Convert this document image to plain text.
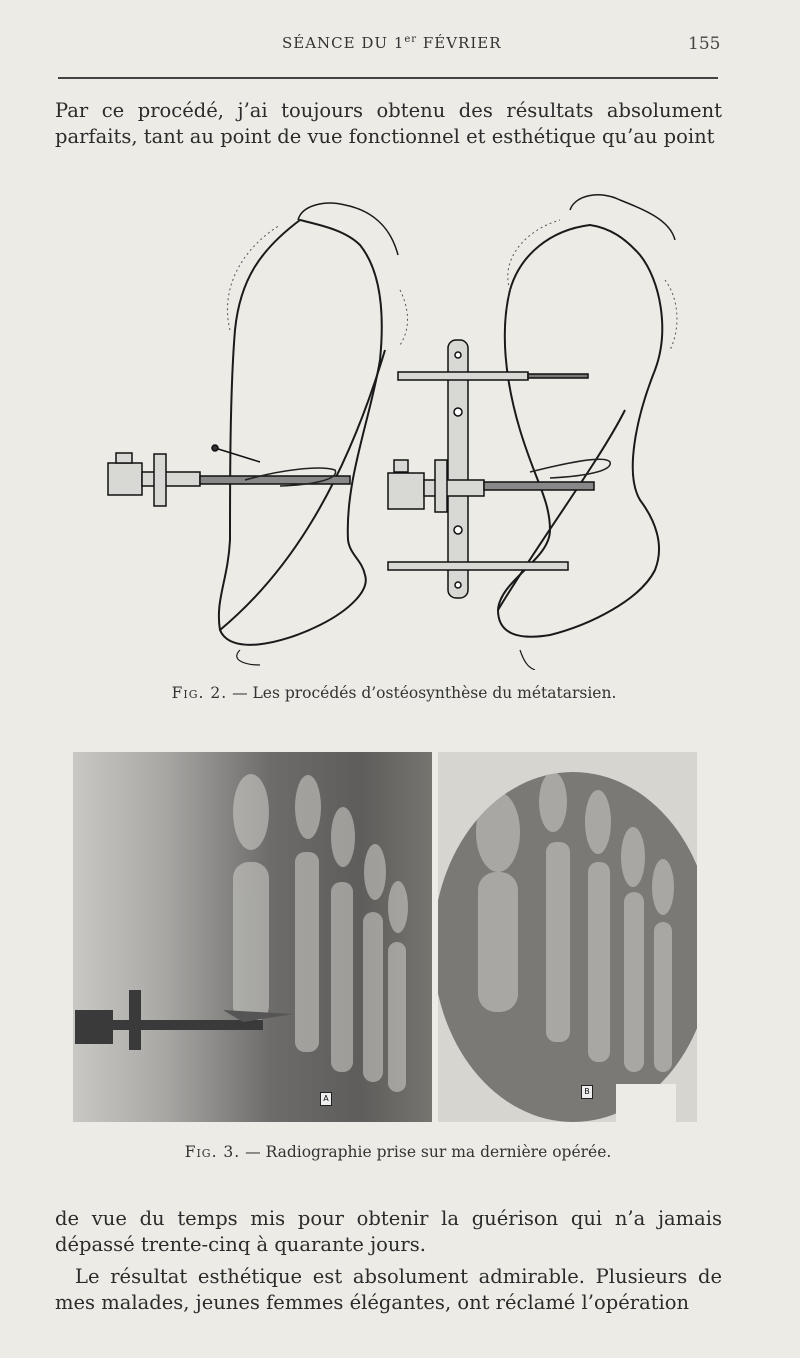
SÉANCE DU 1er FÉVRIER	155

Par ce procédé, j’ai toujours obtenu des résultats absolument parfaits, tant au point de vue fonctionnel et esthétique qu’au point

Fig. 2. — Les procédés d’ostéosynthèse du métatarsien.
A
B
Fig. 3. — Radiographie prise sur ma dernière opérée.

de vue du temps mis pour obtenir la guérison qui n’a jamais dépassé trente-cinq à quarante jours.

Le résultat esthétique est absolument admirable. Plusieurs de mes malades, jeunes femmes élégantes, ont réclamé l’opération
